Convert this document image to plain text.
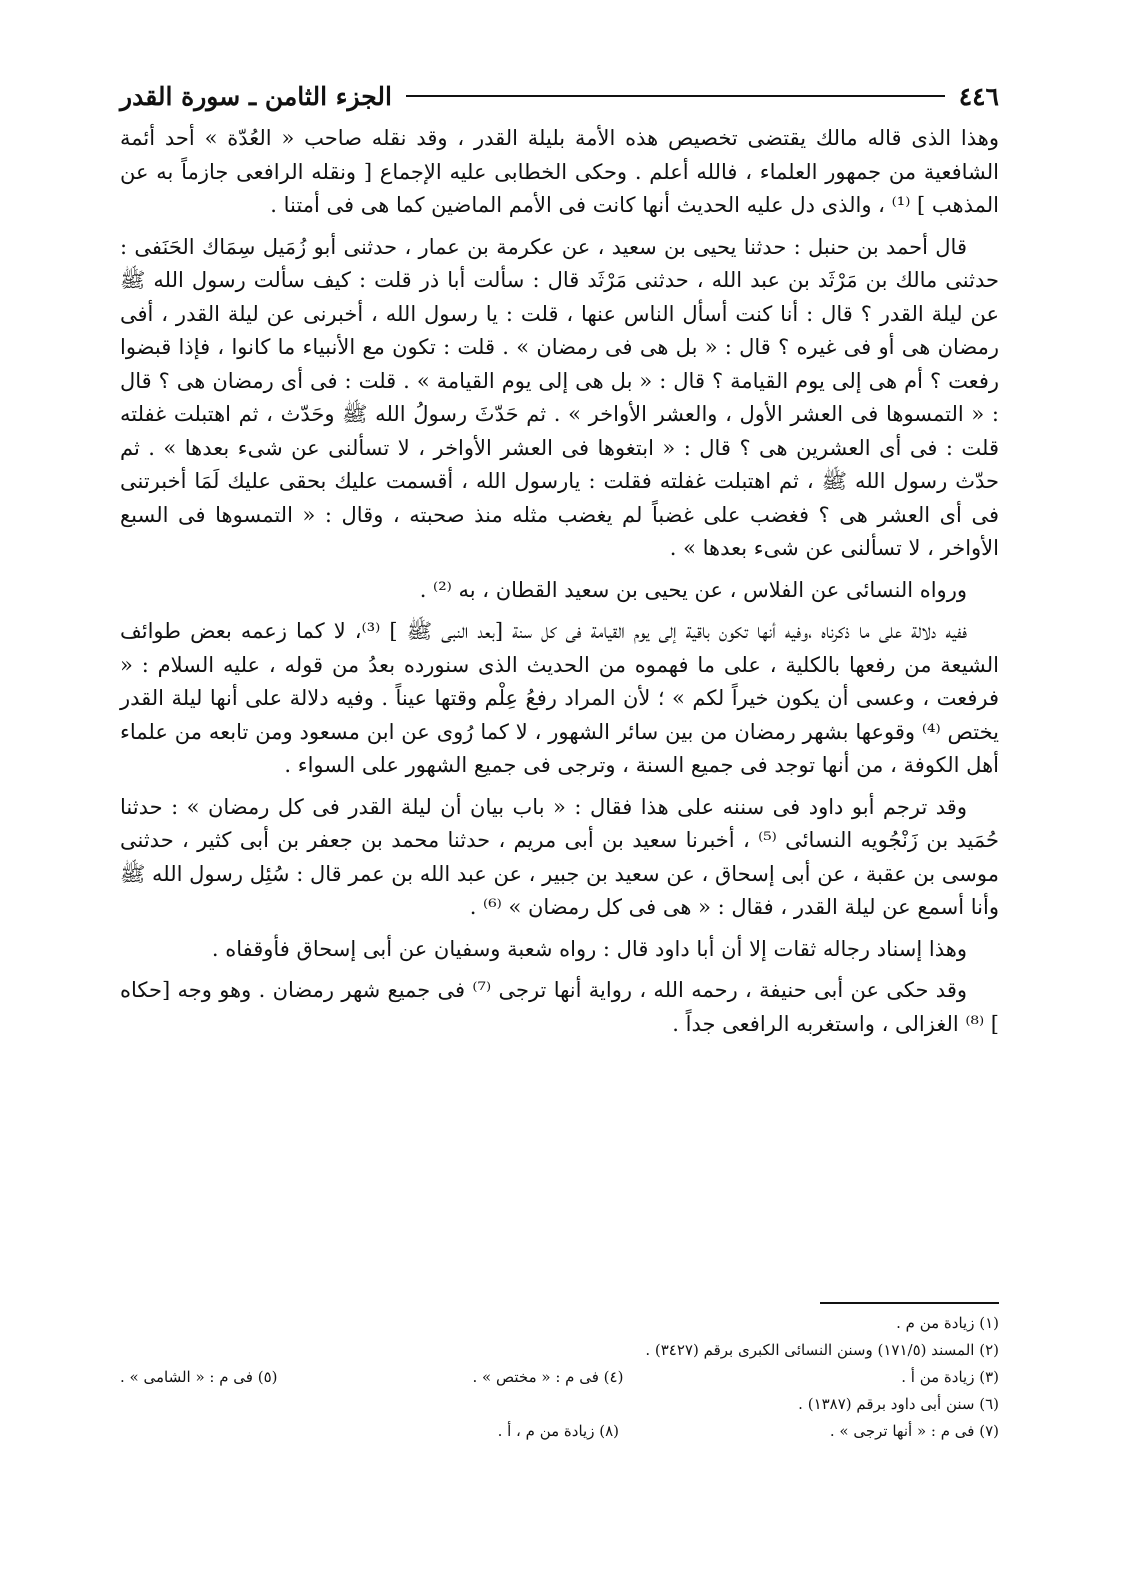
٤٤٦
الجزء الثامن ـ سورة القدر

وهذا الذى قاله مالك يقتضى تخصيص هذه الأمة بليلة القدر ، وقد نقله صاحب « العُدّة » أحد أئمة الشافعية من جمهور العلماء ، فالله أعلم . وحكى الخطابى عليه الإجماع [ ونقله الرافعى جازماً به عن المذهب ] ⁽¹⁾ ، والذى دل عليه الحديث أنها كانت فى الأمم الماضين كما هى فى أمتنا .

قال أحمد بن حنبل : حدثنا يحيى بن سعيد ، عن عكرمة بن عمار ، حدثنى أبو زُمَيل سِمَاك الحَنَفى : حدثنى مالك بن مَرْثَد بن عبد الله ، حدثنى مَرْثَد قال : سألت أبا ذر قلت : كيف سألت رسول الله ﷺ عن ليلة القدر ؟ قال : أنا كنت أسأل الناس عنها ، قلت : يا رسول الله ، أخبرنى عن ليلة القدر ، أفى رمضان هى أو فى غيره ؟ قال : « بل هى فى رمضان » . قلت : تكون مع الأنبياء ما كانوا ، فإذا قبضوا رفعت ؟ أم هى إلى يوم القيامة ؟ قال : « بل هى إلى يوم القيامة » . قلت : فى أى رمضان هى ؟ قال : « التمسوها فى العشر الأول ، والعشر الأواخر » . ثم حَدّثَ رسولُ الله ﷺ وحَدّث ، ثم اهتبلت غفلته قلت : فى أى العشرين هى ؟ قال : « ابتغوها فى العشر الأواخر ، لا تسألنى عن شىء بعدها » . ثم حدّث رسول الله ﷺ ، ثم اهتبلت غفلته فقلت : يارسول الله ، أقسمت عليك بحقى عليك لَمَا أخبرتنى فى أى العشر هى ؟ فغضب على غضباً لم يغضب مثله منذ صحبته ، وقال : « التمسوها فى السبع الأواخر ، لا تسألنى عن شىء بعدها » .

ورواه النسائى عن الفلاس ، عن يحيى بن سعيد القطان ، به ⁽²⁾ .

ففيه دلالة على ما ذكرناه ،وفيه أنها تكون باقية إلى يوم القيامة فى كل سنة [بعد النبى ﷺ ] ⁽³⁾، لا كما زعمه بعض طوائف الشيعة من رفعها بالكلية ، على ما فهموه من الحديث الذى سنورده بعدُ من قوله ، عليه السلام : « فرفعت ، وعسى أن يكون خيراً لكم » ؛ لأن المراد رفعُ عِلْم وقتها عيناً . وفيه دلالة على أنها ليلة القدر يختص ⁽⁴⁾ وقوعها بشهر رمضان من بين سائر الشهور ، لا كما رُوى عن ابن مسعود ومن تابعه من علماء أهل الكوفة ، من أنها توجد فى جميع السنة ، وترجى فى جميع الشهور على السواء .

وقد ترجم أبو داود فى سننه على هذا فقال : « باب بيان أن ليلة القدر فى كل رمضان » : حدثنا حُمَيد بن زَنْجُويه النسائى ⁽⁵⁾ ، أخبرنا سعيد بن أبى مريم ، حدثنا محمد بن جعفر بن أبى كثير ، حدثنى موسى بن عقبة ، عن أبى إسحاق ، عن سعيد بن جبير ، عن عبد الله بن عمر قال : سُئِل رسول الله ﷺ وأنا أسمع عن ليلة القدر ، فقال : « هى فى كل رمضان » ⁽⁶⁾ .

وهذا إسناد رجاله ثقات إلا أن أبا داود قال : رواه شعبة وسفيان عن أبى إسحاق فأوقفاه .

وقد حكى عن أبى حنيفة ، رحمه الله ، رواية أنها ترجى ⁽⁷⁾ فى جميع شهر رمضان . وهو وجه [حكاه ] ⁽⁸⁾ الغزالى ، واستغربه الرافعى جداً .

(١) زيادة من م .
(٢) المسند (١٧١/٥) وسنن النسائى الكبرى برقم (٣٤٢٧) .
(٣) زيادة من أ .
(٤) فى م : « مختص » .
(٥) فى م : « الشامى » .
(٦) سنن أبى داود برقم (١٣٨٧) .
(٧) فى م : « أنها ترجى » .
(٨) زيادة من م ، أ .
